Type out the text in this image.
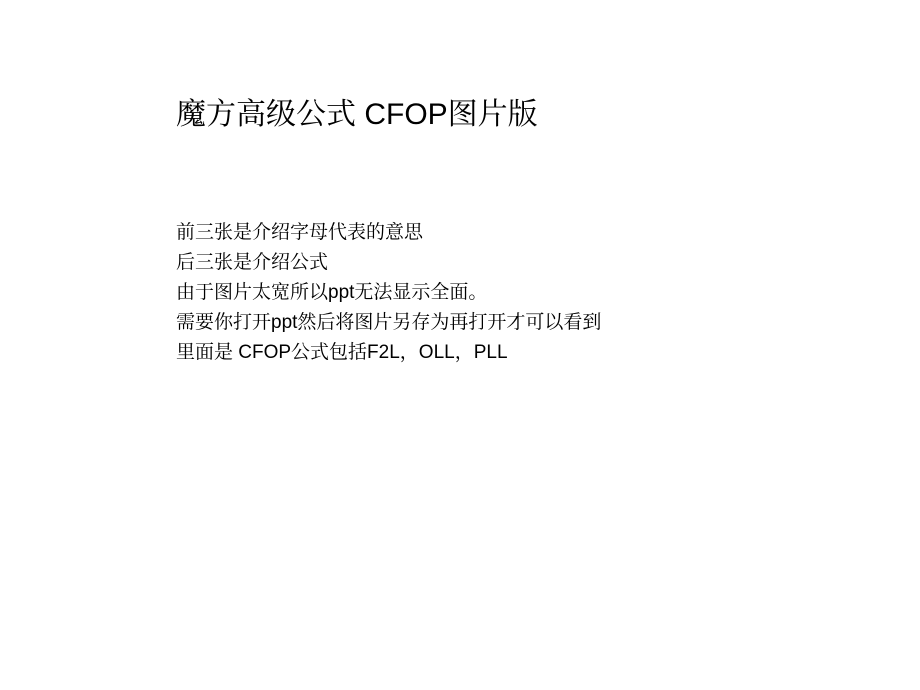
魔方高级公式 CFOP图片版
前三张是介绍字母代表的意思
后三张是介绍公式
由于图片太宽所以ppt无法显示全面。
需要你打开ppt然后将图片另存为再打开才可以看到
里面是 CFOP公式包括F2L，OLL，PLL
